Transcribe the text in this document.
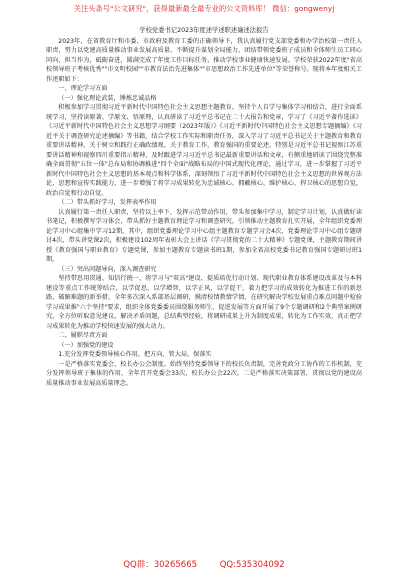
关注头条号"公文研究"，获得最新最全最专业的公文资料库！ 微信：gongwenyj
学校党委书记2023年度述学述职述廉述法报告
2023年，在省教育厅和市委、市政府及教育工委的正确领导下，我认真履行党支部党委和办学治校第一责任人职责，努力以党建高质量推动事业发展高质量，不断提升谋划全局能力、团结带领党委班子成员和全体师生员工同心同向，担当作为，砥砺奋进，圆满完成了年度工作目标任务，推动学校事业健康快速发展。学校荣获2022年度"省高校领导班子考核优秀""市文明校园""市教育法治先进集体""市思想政治工作先进单位"等荣誉称号。现将本年度相关工作述职如下：
一、理论学习方面
（一）强化理论武装，锤炼忠诚品格
积极参加学习贯彻习近平新时代中国特色社会主义思想主题教育，坚持个人自学与集体学习相结合，进行全面系统学习，坚持读原著、学原文、悟原理，认真研读了习近平总书记在二十大报告和党章，学习了《习近平著作选读》《习近平新时代中国特色社会主义思想学习纲要（2023年版）》《习近平新时代中国特色社会主义思想专题摘编》《习近平关于调查研究论述摘编》等书籍，结合学校工作实际和职责任务，深入学习了习近平总书记关于主题教育和教育重要讲话精神，关于树立和践行正确政绩观、关于教育工作，教育强国的重要论述，特别是习近平总书记视察江苏重要讲话精神和视察四川重要指示精神，及时跟进学习习近平总书记最新重要讲话和文章，有侧重地研读了围绕完整准确全面贯彻"五位一体"总布局和协调推进"四个全面"战略布局的中国式现代化理论，通过学习，进一步掌握了习近平新时代中国特色社会主义思想的基本观点和科学体系，深刻领悟了习近平新时代中国特色社会主义思想的世界观方法论，思想和宣传实践能力，进一步增强了将学习成果转化为忠诚核心、拥戴核心、维护核心、捍卫核心的思想自觉，政治自觉和行动自觉。
（二）带头抓好学习，发挥表率作用
认真履行第一责任人职责，坚持以上率下，发挥示范带动作用，带头参加集中学习，制定学习计划，认真做好读书笔记，积极撰写学习体会，带头抓好主题教育理论学习和调查研究，引领推动主题教育扎实开展，全年组织党委理论学习中心组集中学习12期，其中，组织党委理论学习中心组主题教育专题学习会4次，党委理论学习中心组专题研讨4次，带头讲党课2次，积极建设102周年表彰大会上讲话《学习贯彻党的二十大精神》专题党课，主题教育期间讲授《教育强国与职业教育》专题党课，参加主题教育专题读书班1期，参加全省高校党委书记教育强国专题研讨班1期。
（三）突出问题导向，深入调查研究
坚持带思用贯通、知信行统一，将学习与"双高"建设、提质培优行动计划、现代职业教育体系建设改革及与本科建设等重点工作统筹结合，以学促思，以学增智，以学正风，以学促干，着力把学习的成效转化为推进工作的新思路、破解难题的新举措，全年多次深入系部基层调研，摸清校情教情学情，在研究解决学校发展重点难点问题中检验学习成果推"六个坚持"要求，组织全体党委委员围绕服务师生，促进发展等方面开展了9个专题调研和2个典型案例研究，全方位听取意见建议，解决矛盾问题，总结典型经验，将调研成果上升为制度成果，转化为工作实效，真正把学习成果转化为推动学校快速发展的强大动力。
二、履职尽责方面
（一）加强党的建设
1.充分发挥党委领导核心作用，把方向、管大局、保落实
一是严格落实党委会、校长办公会制度。始终坚持党委领导下的校长负责制，完善党政分工协作的工作机制，充分发挥领导班子集体的作用，全年召开党委会33次，校长办公会22次。二是严格落实决策部署，贯彻以党的建设高质量推动事业发展高质量理念。
QQ群：30265665	QQ:535304092
